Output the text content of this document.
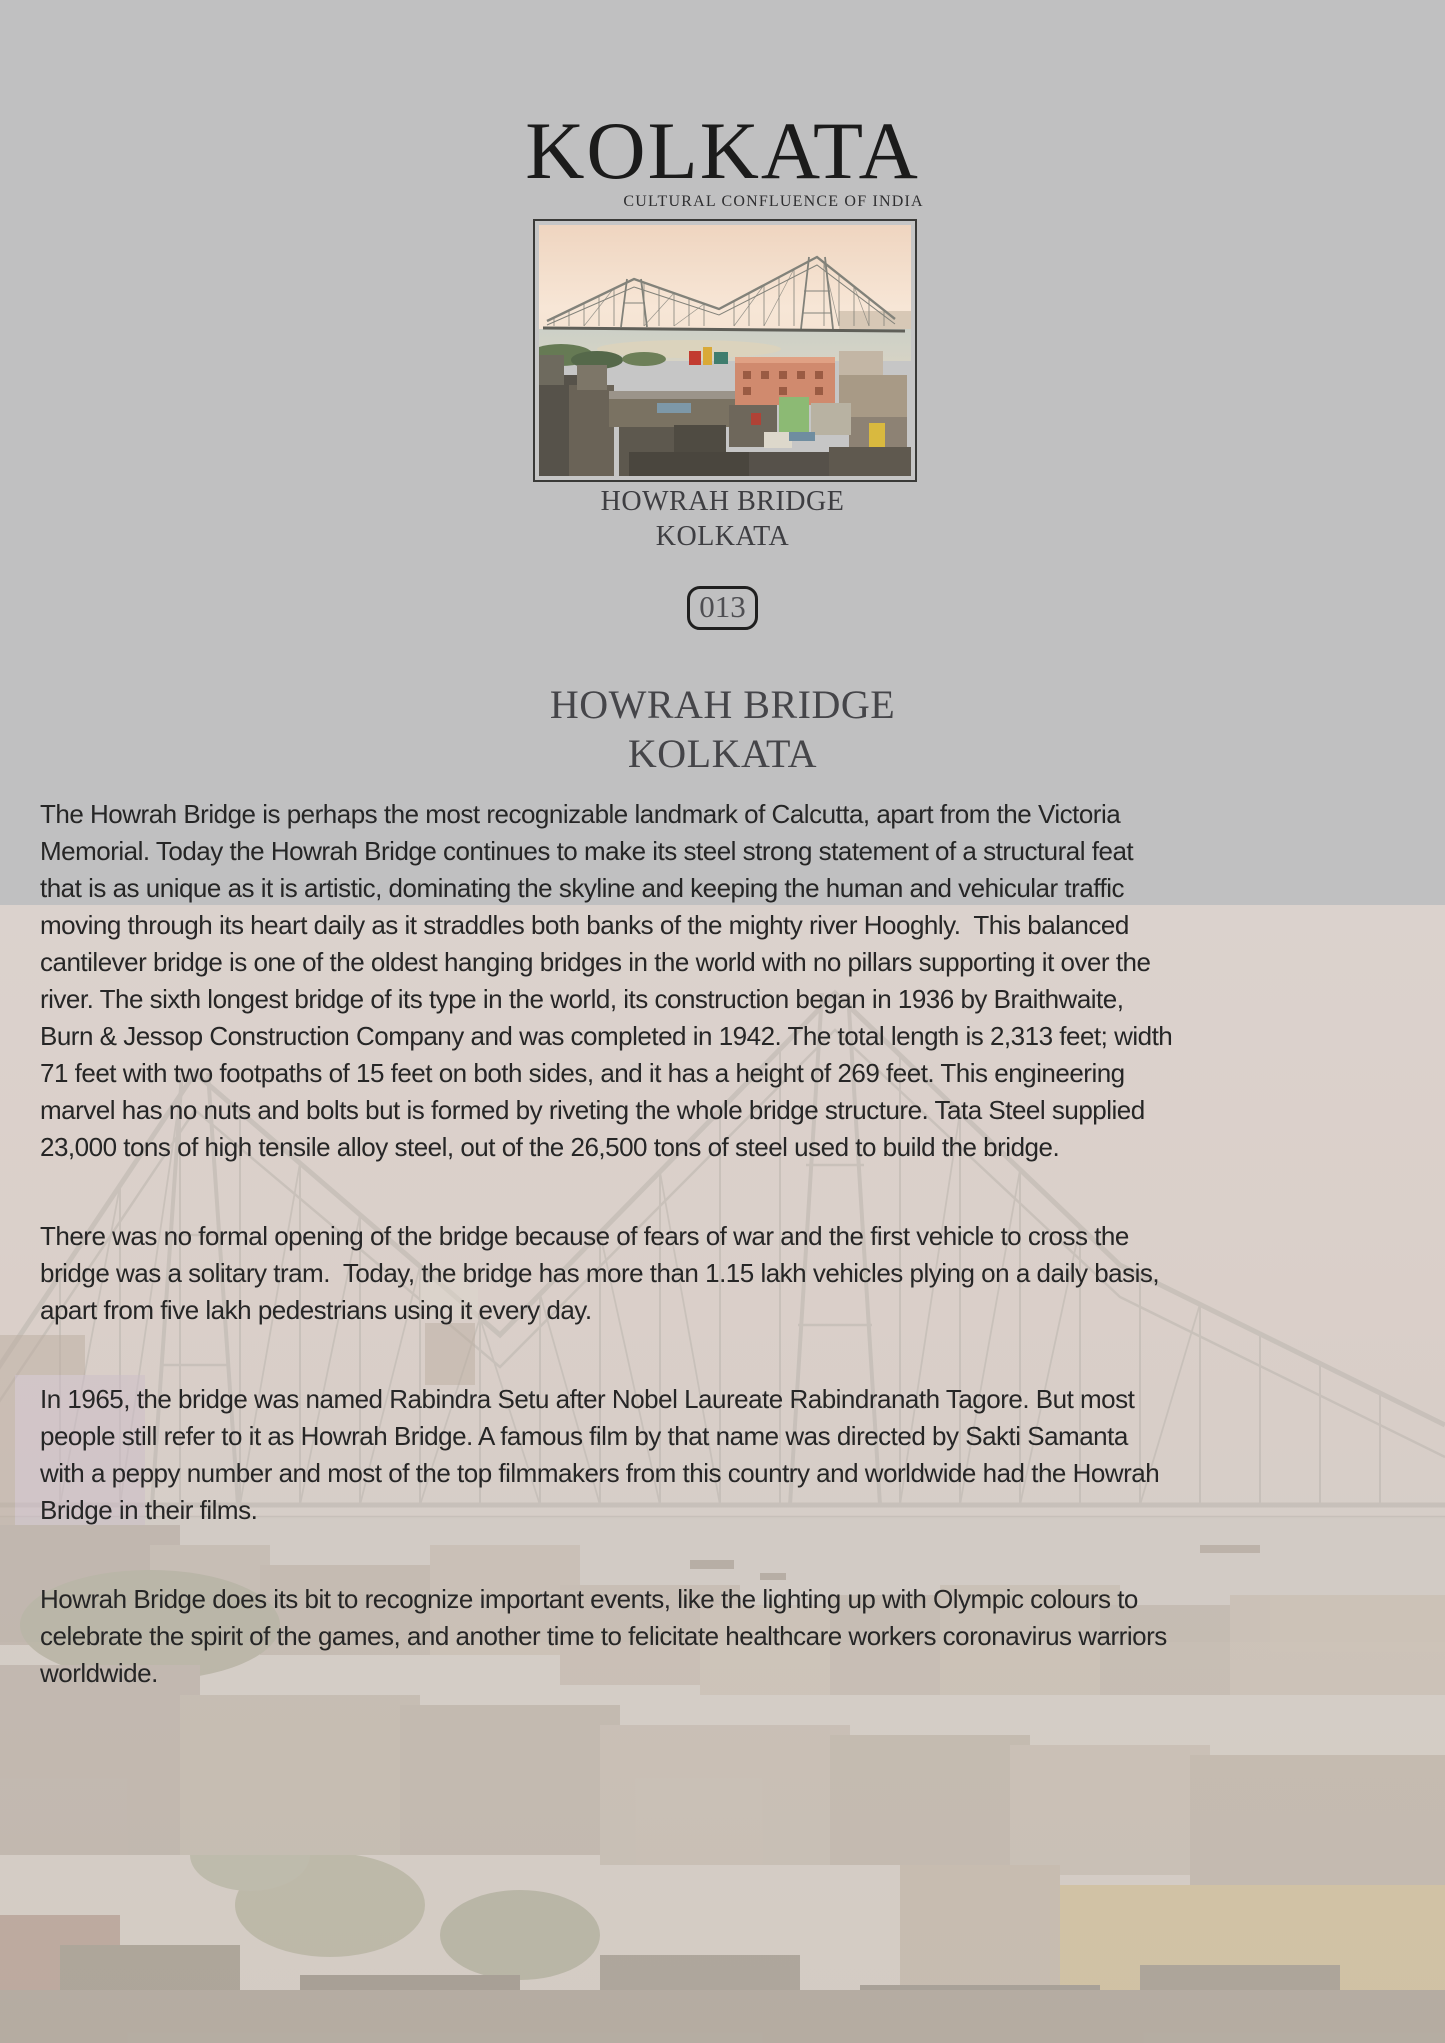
KOLKATA
CULTURAL CONFLUENCE OF INDIA
HOWRAH BRIDGE
KOLKATA
013
HOWRAH BRIDGE
KOLKATA
The Howrah Bridge is perhaps the most recognizable landmark of Calcutta, apart from the Victoria
Memorial. Today the Howrah Bridge continues to make its steel strong statement of a structural feat
that is as unique as it is artistic, dominating the skyline and keeping the human and vehicular traffic
moving through its heart daily as it straddles both banks of the mighty river Hooghly.  This balanced
cantilever bridge is one of the oldest hanging bridges in the world with no pillars supporting it over the
river. The sixth longest bridge of its type in the world, its construction began in 1936 by Braithwaite,
Burn & Jessop Construction Company and was completed in 1942. The total length is 2,313 feet; width
71 feet with two footpaths of 15 feet on both sides, and it has a height of 269 feet. This engineering
marvel has no nuts and bolts but is formed by riveting the whole bridge structure. Tata Steel supplied
23,000 tons of high tensile alloy steel, out of the 26,500 tons of steel used to build the bridge.
There was no formal opening of the bridge because of fears of war and the first vehicle to cross the
bridge was a solitary tram.  Today, the bridge has more than 1.15 lakh vehicles plying on a daily basis,
apart from five lakh pedestrians using it every day.
In 1965, the bridge was named Rabindra Setu after Nobel Laureate Rabindranath Tagore. But most
people still refer to it as Howrah Bridge. A famous film by that name was directed by Sakti Samanta
with a peppy number and most of the top filmmakers from this country and worldwide had the Howrah
Bridge in their films.
Howrah Bridge does its bit to recognize important events, like the lighting up with Olympic colours to
celebrate the spirit of the games, and another time to felicitate healthcare workers coronavirus warriors
worldwide.
